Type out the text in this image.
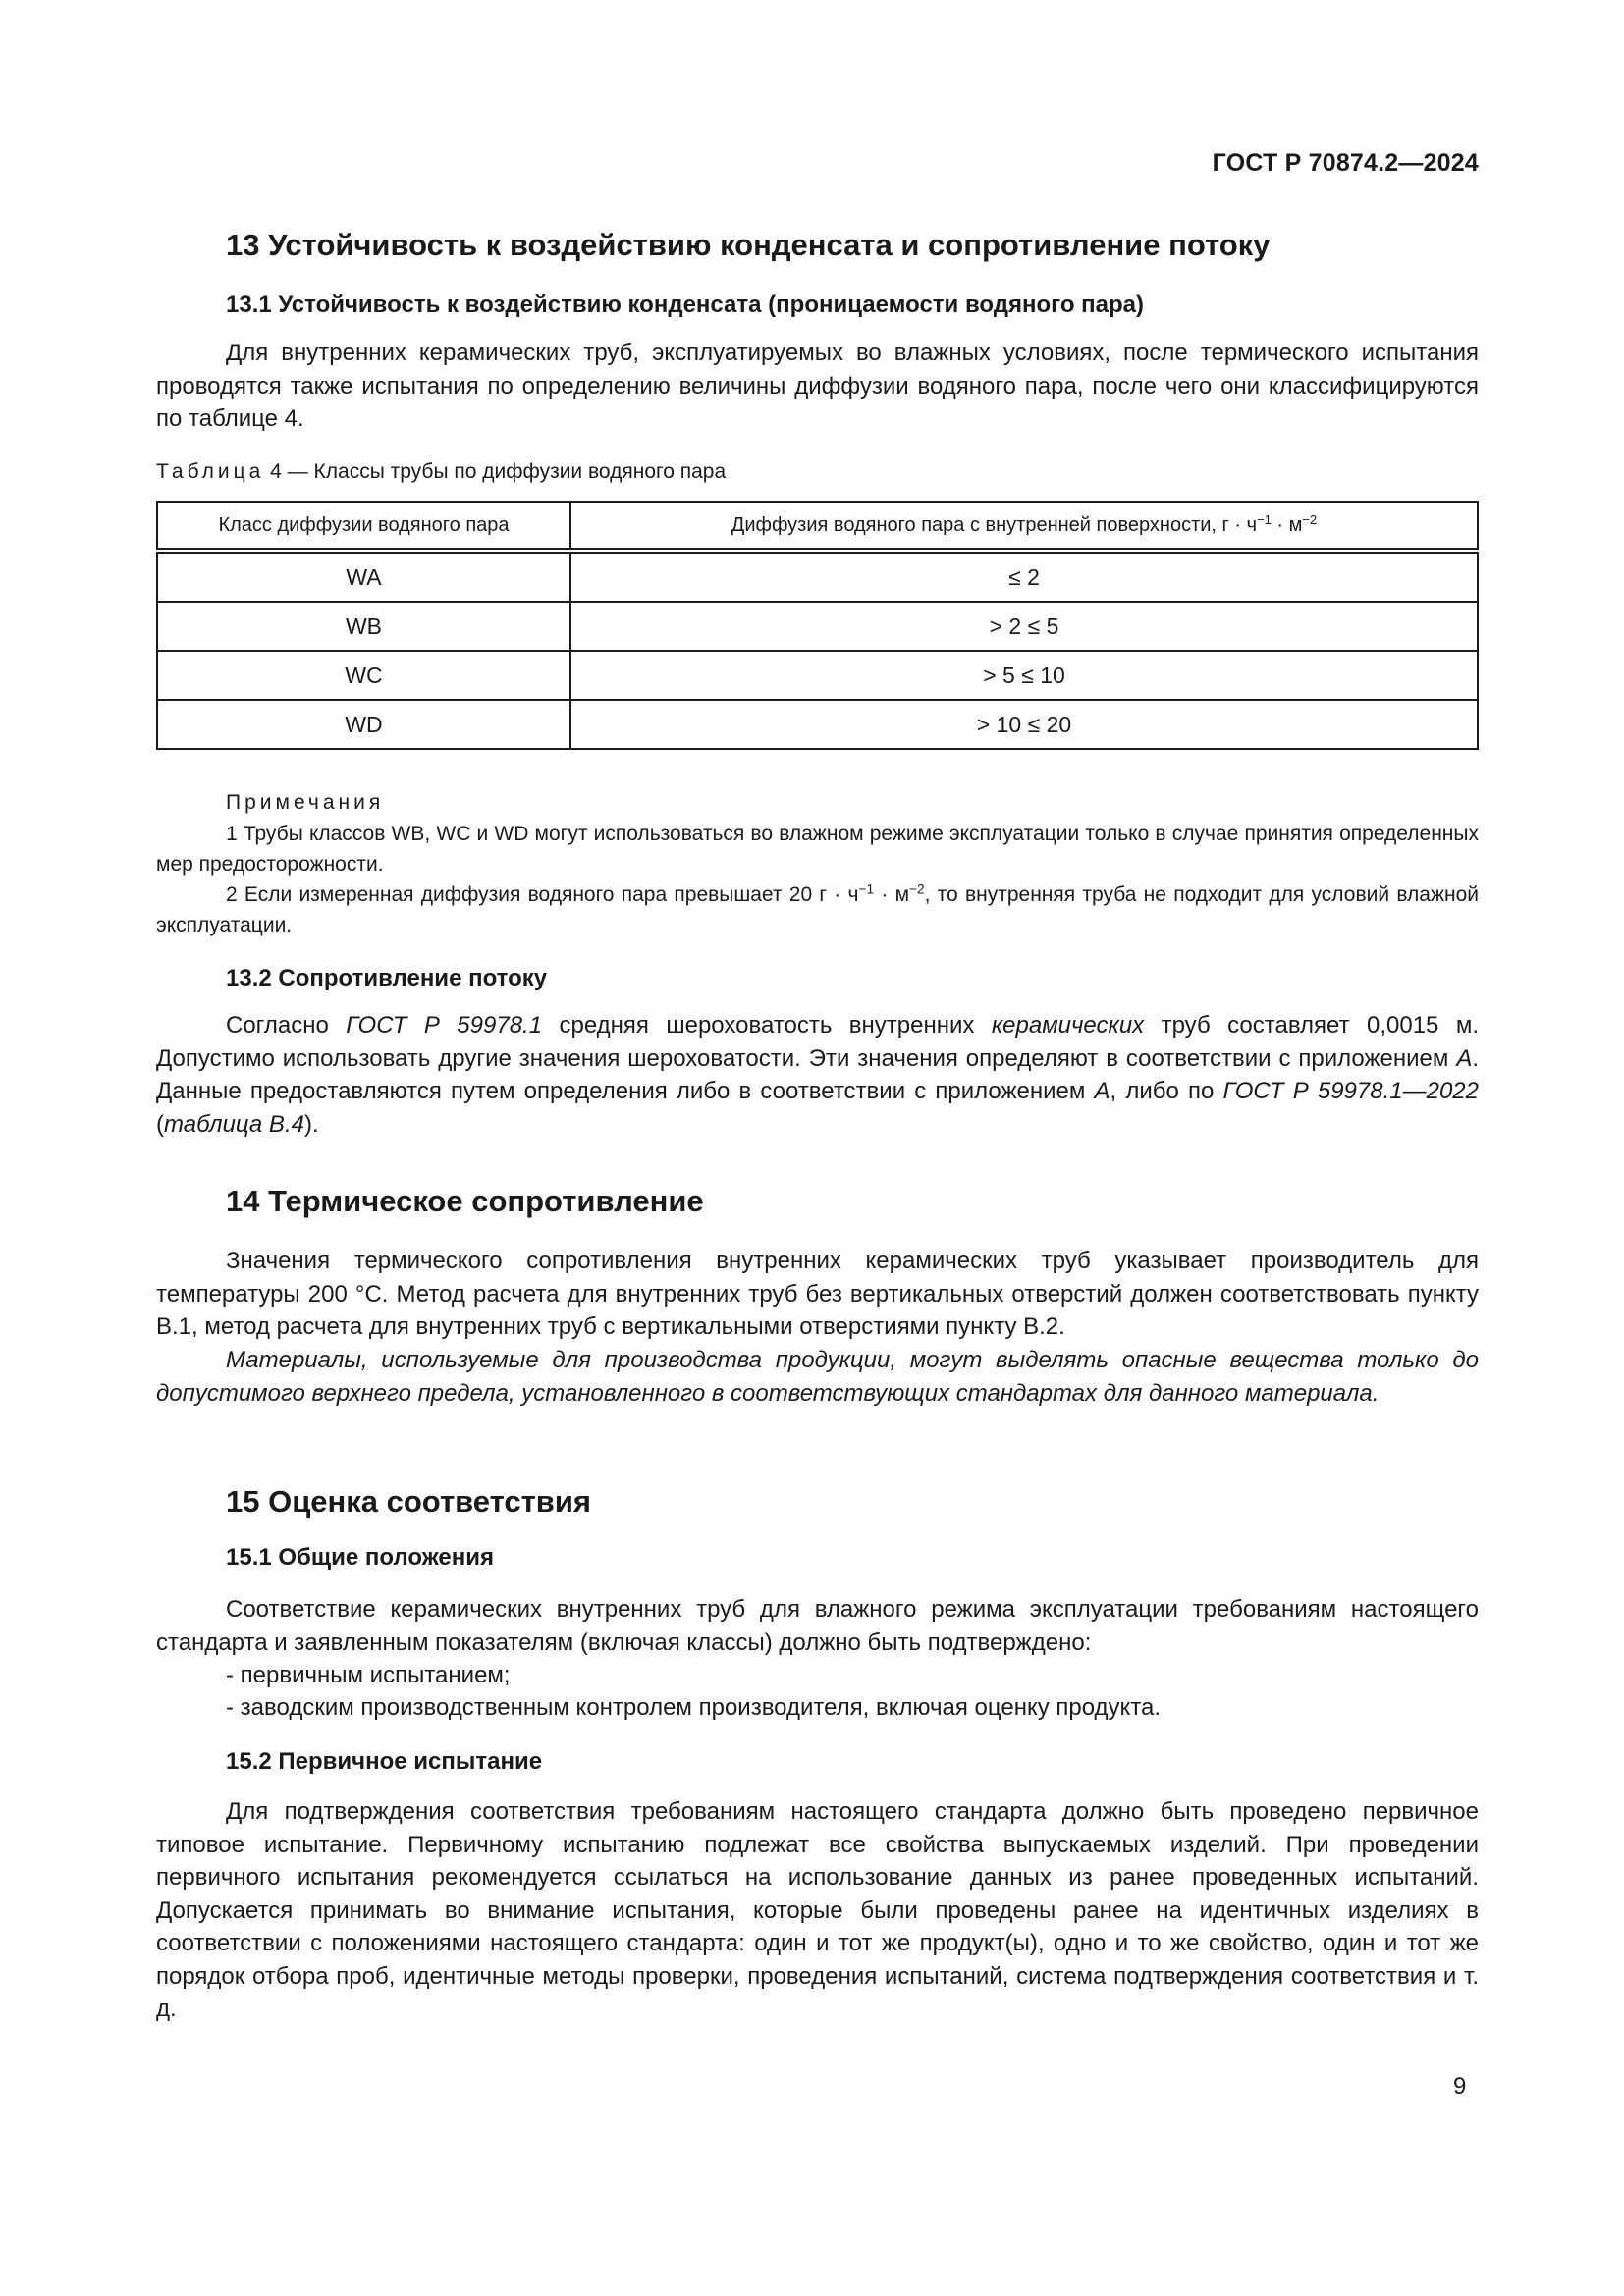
ГОСТ Р 70874.2—2024
13 Устойчивость к воздействию конденсата и сопротивление потоку
13.1 Устойчивость к воздействию конденсата (проницаемости водяного пара)

Для внутренних керамических труб, эксплуатируемых во влажных условиях, после термического испытания проводятся также испытания по определению величины диффузии водяного пара, после чего они классифицируются по таблице 4.

Таблица 4 — Классы трубы по диффузии водяного пара
Класс диффузии водяного пара	Диффузия водяного пара с внутренней поверхности, $г \cdot ч^{-1} \cdot м^{-2}$
WA	≤ 2
WB	> 2 ≤ 5
WC	> 5 ≤ 10
WD	> 10 ≤ 20
Примечания

1 Трубы классов WB, WC и WD могут использоваться во влажном режиме эксплуатации только в случае принятия определенных мер предосторожности.

2 Если измеренная диффузия водяного пара превышает 20 $г \cdot ч^{-1} \cdot м^{-2}$, то внутренняя труба не подходит для условий влажной эксплуатации.

13.2 Сопротивление потоку

Согласно ГОСТ Р 59978.1 средняя шероховатость внутренних керамических труб составляет 0,0015 м. Допустимо использовать другие значения шероховатости. Эти значения определяют в соответствии с приложением А. Данные предоставляются путем определения либо в соответствии с приложением А, либо по ГОСТ Р 59978.1—2022 (таблица В.4).

14 Термическое сопротивление

Значения термического сопротивления внутренних керамических труб указывает производитель для температуры 200 °С. Метод расчета для внутренних труб без вертикальных отверстий должен соответствовать пункту В.1, метод расчета для внутренних труб с вертикальными отверстиями пункту В.2.

Материалы, используемые для производства продукции, могут выделять опасные вещества только до допустимого верхнего предела, установленного в соответствующих стандартах для данного материала.

15 Оценка соответствия
15.1 Общие положения

Соответствие керамических внутренних труб для влажного режима эксплуатации требованиям настоящего стандарта и заявленным показателям (включая классы) должно быть подтверждено:

- первичным испытанием;
- заводским производственным контролем производителя, включая оценку продукта.
15.2 Первичное испытание

Для подтверждения соответствия требованиям настоящего стандарта должно быть проведено первичное типовое испытание. Первичному испытанию подлежат все свойства выпускаемых изделий. При проведении первичного испытания рекомендуется ссылаться на использование данных из ранее проведенных испытаний. Допускается принимать во внимание испытания, которые были проведены ранее на идентичных изделиях в соответствии с положениями настоящего стандарта: один и тот же продукт(ы), одно и то же свойство, один и тот же порядок отбора проб, идентичные методы проверки, проведения испытаний, система подтверждения соответствия и т. д.

9
